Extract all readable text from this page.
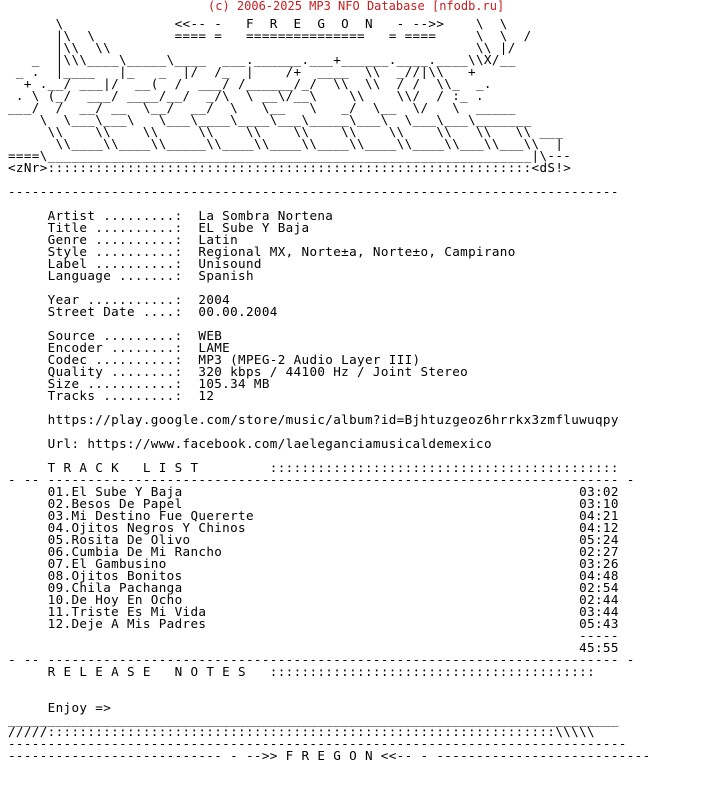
(c) 2006-2025 MP3 NFO Database [nfodb.ru]

\              <<-- -   F  R  E  G  O  N   - -->>    \  \
|\  \          ==== =   ===============   = ====     \  \  /
|\\  \\                                              \\ |/
_  |\\\____\_____\____  ___.______.___+______.____.____\\X/__
_ .  |____   |_   _  |/  /_  |    /+  ____  \\  _//|\\   +
+ .__/ ___|/  __(  /  ___/ /______/_/  \\  \\  / /  \\_  _.
. \ (_/  ___/ ____/__/  _/\  \ __\/__\    \\    \\/  / :_ .
___/  /  __/ __  \__/  __/  \   \__   \   _/  \__  \/   \  _____
\  \___\___\   \___\____\____\___\_____\___\  \___\___\_______
\\    \\    \\     \\    \\    \\    \\    \\    \\   \\   \\ ___
\\____\\____\\_____\\____\\____\\____\\____\\____\\___\\___\\  |
====\_____________________________________________________________|\---
<zNr>:::::::::::::::::::::::::::::::::::::::::::::::::::::::::::::<dS!>

-----------------------------------------------------------------------------

Artist .........:  La Sombra Nortena
Title ..........:  EL Sube Y Baja
Genre ..........:  Latin
Style ..........:  Regional MX, Norte±a, Norte±o, Campirano
Label ..........:  Unisound
Language .......:  Spanish

Year ...........:  2004
Street Date ....:  00.00.2004

Source .........:  WEB
Encoder ........:  LAME
Codec ..........:  MP3 (MPEG-2 Audio Layer III)
Quality ........:  320 kbps / 44100 Hz / Joint Stereo
Size ...........:  105.34 MB
Tracks .........:  12

https://play.google.com/store/music/album?id=Bjhtuzgeoz6hrrkx3zmfluwuqpy

Url: https://www.facebook.com/laeleganciamusicaldemexico

T R A C K   L I S T	::::::::::::::::::::::::::::::::::::::::::::
- -- ------------------------------------------------------------------------ -
01.El Sube Y Baja	03:02
02.Besos De Papel	03:10
03.Mi Destino Fue Quererte	04:21
04.Ojitos Negros Y Chinos	04:12
05.Rosita De Olivo	05:24
06.Cumbia De Mi Rancho	02:27
07.El Gambusino	03:26
08.Ojitos Bonitos	04:48
09.Chila Pachanga	02:54
10.De Hoy En Ocho	02:44
11.Triste Es Mi Vida	03:44
12.Deje A Mis Padres	05:43
-----
45:55
- -- ------------------------------------------------------------------------ -
R E L E A S E   N O T E S :::::::::::::::::::::::::::::::::::::::::

Enjoy =>
_____________________________________________________________________________
/////::::::::::::::::::::::::::::::::::::::::::::::::::::::::::::::::\\\\\
------------------------------------------------------------------------------
--------------------------- - -->> F R E G O N <<-- - ---------------------------
